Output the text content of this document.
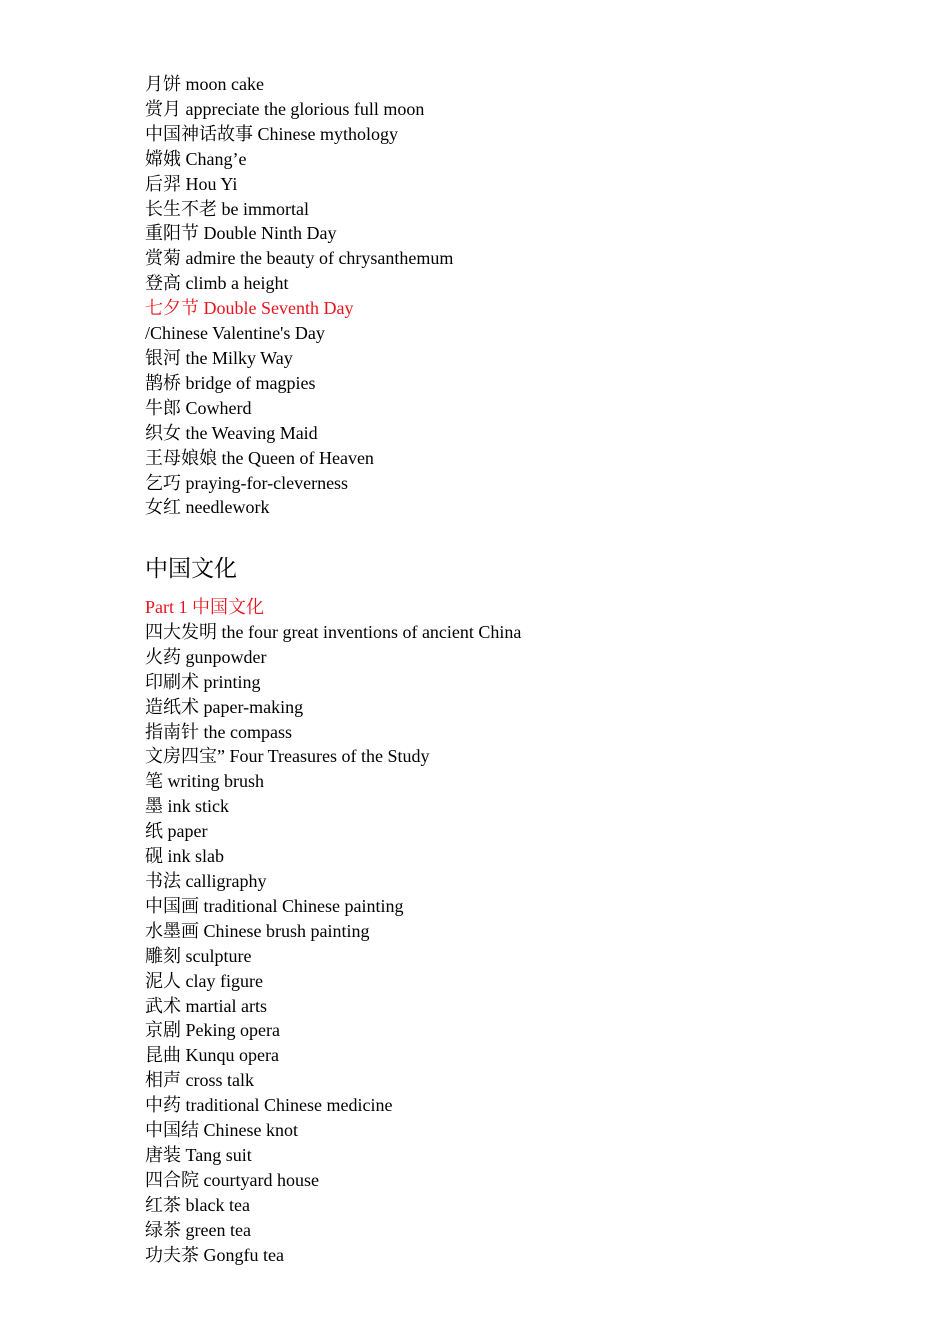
月饼 moon cake
赏月 appreciate the glorious full moon
中国神话故事 Chinese mythology
嫦娥 Chang’e
后羿 Hou Yi
长生不老 be immortal
重阳节 Double Ninth Day
赏菊 admire the beauty of chrysanthemum
登高 climb a height
七夕节 Double Seventh Day
/Chinese Valentine's Day
银河 the Milky Way
鹊桥 bridge of magpies
牛郎 Cowherd
织女 the Weaving Maid
王母娘娘 the Queen of Heaven
乞巧 praying-for-cleverness
女红 needlework
中国文化
Part 1 中国文化
四大发明 the four great inventions of ancient China
火药 gunpowder
印刷术 printing
造纸术 paper-making
指南针 the compass
文房四宝” Four Treasures of the Study
笔 writing brush
墨 ink stick
纸 paper
砚 ink slab
书法 calligraphy
中国画 traditional Chinese painting
水墨画 Chinese brush painting
雕刻 sculpture
泥人 clay figure
武术 martial arts
京剧 Peking opera
昆曲 Kunqu opera
相声 cross talk
中药 traditional Chinese medicine
中国结 Chinese knot
唐装 Tang suit
四合院 courtyard house
红茶 black tea
绿茶 green tea
功夫茶 Gongfu tea
